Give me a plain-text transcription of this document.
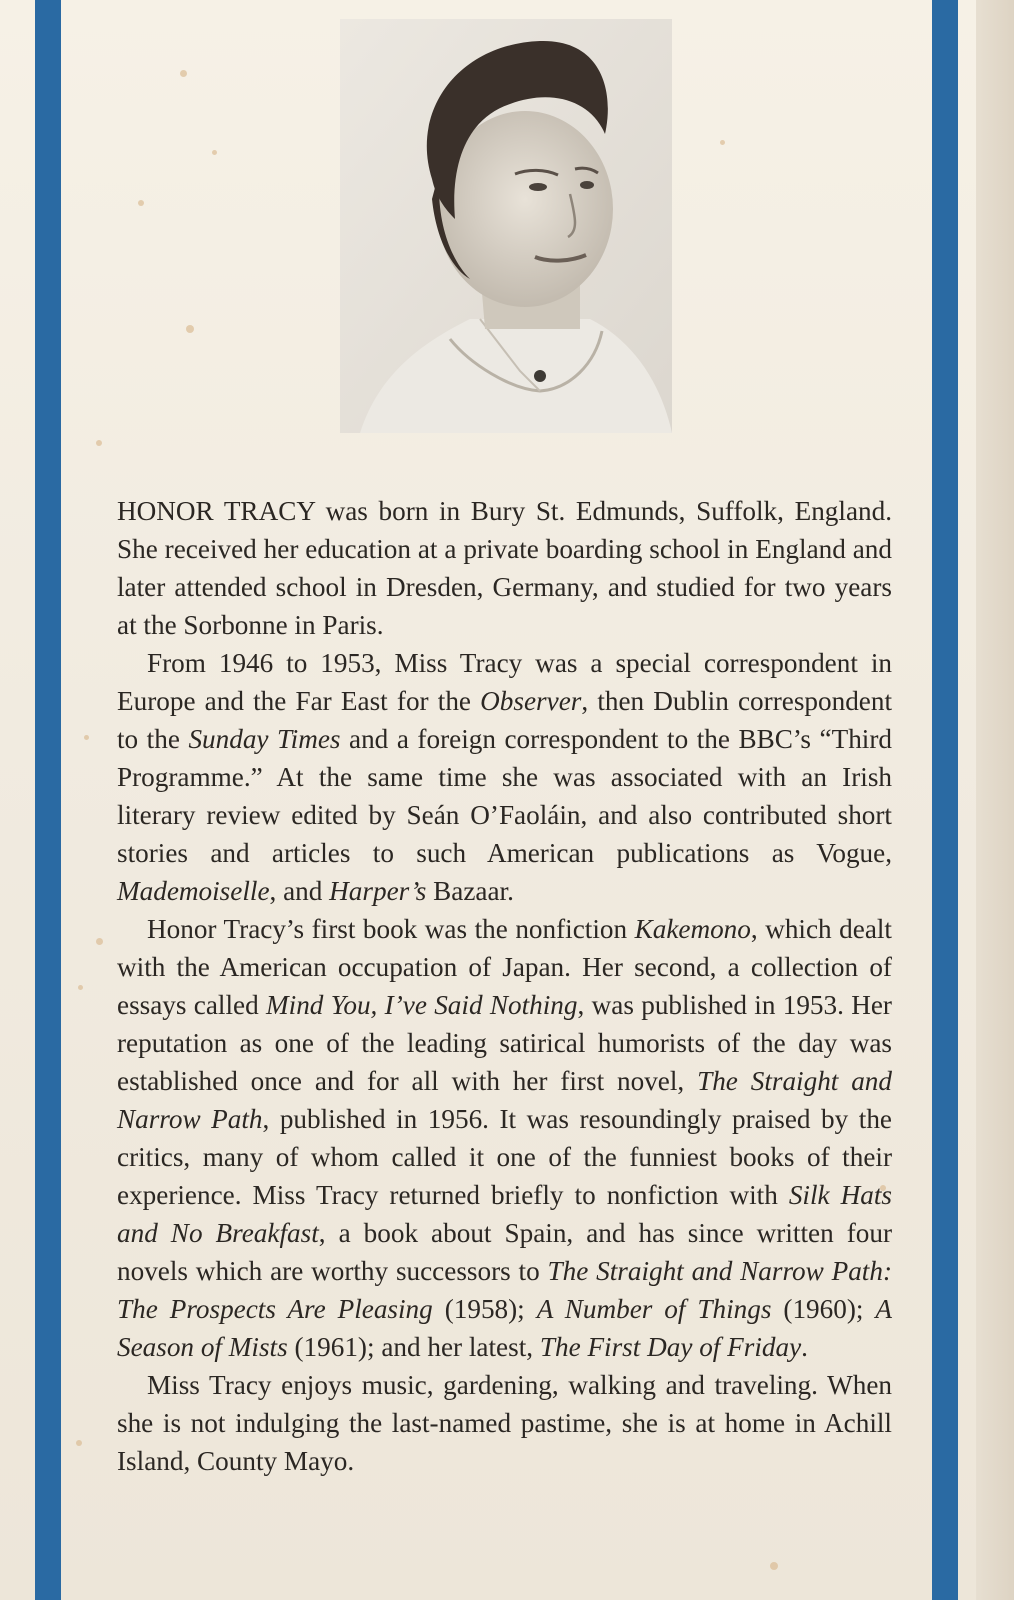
HONOR TRACY was born in Bury St. Edmunds, Suffolk, England. She received her education at a private boarding school in England and later attended school in Dresden, Germany, and studied for two years at the Sorbonne in Paris.

From 1946 to 1953, Miss Tracy was a special correspondent in Europe and the Far East for the Observer, then Dublin correspondent to the Sunday Times and a foreign correspondent to the BBC’s “Third Programme.” At the same time she was associated with an Irish literary review edited by Seán O’Faoláin, and also contributed short stories and articles to such American publications as Vogue, Mademoiselle, and Harper’s Bazaar.

Honor Tracy’s first book was the nonfiction Kakemono, which dealt with the American occupation of Japan. Her second, a collection of essays called Mind You, I’ve Said Nothing, was published in 1953. Her reputation as one of the leading satirical humorists of the day was established once and for all with her first novel, The Straight and Narrow Path, published in 1956. It was resoundingly praised by the critics, many of whom called it one of the funniest books of their experience. Miss Tracy returned briefly to nonfiction with Silk Hats and No Breakfast, a book about Spain, and has since written four novels which are worthy successors to The Straight and Narrow Path: The Prospects Are Pleasing (1958); A Number of Things (1960); A Season of Mists (1961); and her latest, The First Day of Friday.

Miss Tracy enjoys music, gardening, walking and traveling. When she is not indulging the last-named pastime, she is at home in Achill Island, County Mayo.
